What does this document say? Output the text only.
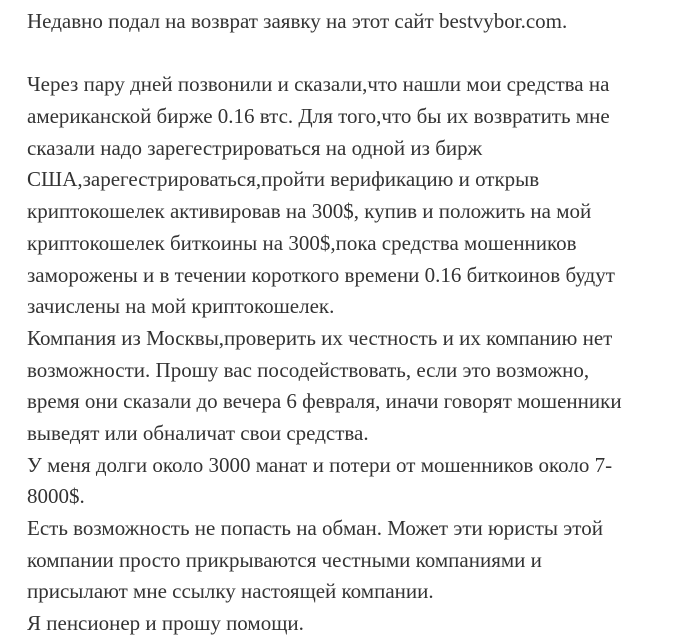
Недавно подал на возврат заявку на этот сайт bestvybor.com.
Через пару дней позвонили и сказали,что нашли мои средства на
американской бирже 0.16 втс. Для того,что бы их возвратить мне
сказали надо зарегестрироваться на одной из бирж
США,зарегестрироваться,пройти верификацию и открыв
криптокошелек активировав на 300$, купив и положить на мой
криптокошелек биткоины на 300$,пока средства мошенников
заморожены и в течении короткого времени 0.16 биткоинов будут
зачислены на мой криптокошелек.
Компания из Москвы,проверить их честность и их компанию нет
возможности. Прошу вас посодействовать, если это возможно,
время они сказали до вечера 6 февраля, иначи говорят мошенники
выведят или обналичат свои средства.
У меня долги около 3000 манат и потери от мошенников около 7-
8000$.
Есть возможность не попасть на обман. Может эти юристы этой
компании просто прикрываются честными компаниями и
присылают мне ссылку настоящей компании.
Я пенсионер и прошу помощи.
